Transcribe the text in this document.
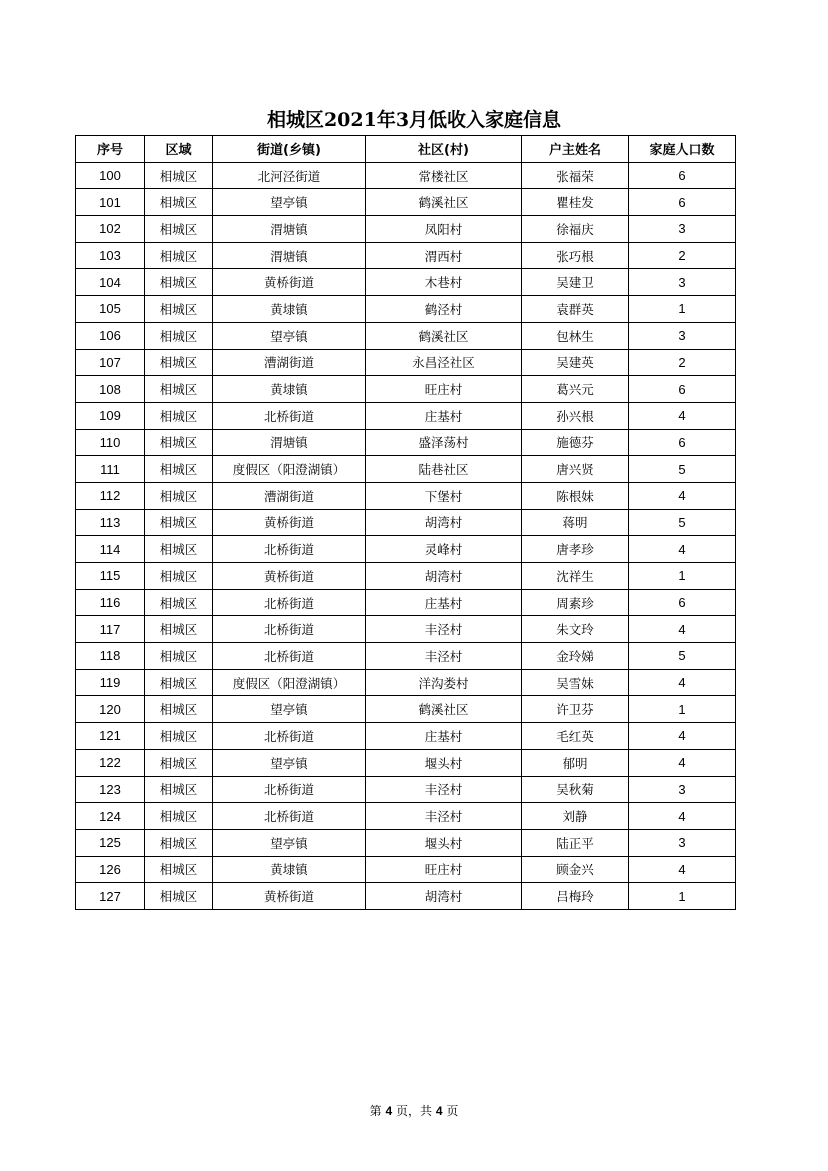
相城区2021年3月低收入家庭信息
序号	区域	街道(乡镇)	社区(村)	户主姓名	家庭人口数
100	相城区	北河泾街道	常楼社区	张福荣	6
101	相城区	望亭镇	鹤溪社区	瞿桂发	6
102	相城区	渭塘镇	凤阳村	徐福庆	3
103	相城区	渭塘镇	渭西村	张巧根	2
104	相城区	黄桥街道	木巷村	吴建卫	3
105	相城区	黄埭镇	鹤泾村	袁群英	1
106	相城区	望亭镇	鹤溪社区	包林生	3
107	相城区	漕湖街道	永昌泾社区	吴建英	2
108	相城区	黄埭镇	旺庄村	葛兴元	6
109	相城区	北桥街道	庄基村	孙兴根	4
110	相城区	渭塘镇	盛泽荡村	施德芬	6
111	相城区	度假区（阳澄湖镇）	陆巷社区	唐兴贤	5
112	相城区	漕湖街道	下堡村	陈根妹	4
113	相城区	黄桥街道	胡湾村	蒋明	5
114	相城区	北桥街道	灵峰村	唐孝珍	4
115	相城区	黄桥街道	胡湾村	沈祥生	1
116	相城区	北桥街道	庄基村	周素珍	6
117	相城区	北桥街道	丰泾村	朱文玲	4
118	相城区	北桥街道	丰泾村	金玲娣	5
119	相城区	度假区（阳澄湖镇）	洋沟娄村	吴雪妹	4
120	相城区	望亭镇	鹤溪社区	许卫芬	1
121	相城区	北桥街道	庄基村	毛红英	4
122	相城区	望亭镇	堰头村	郁明	4
123	相城区	北桥街道	丰泾村	吴秋菊	3
124	相城区	北桥街道	丰泾村	刘静	4
125	相城区	望亭镇	堰头村	陆正平	3
126	相城区	黄埭镇	旺庄村	顾金兴	4
127	相城区	黄桥街道	胡湾村	吕梅玲	1
第 4 页，共 4 页
